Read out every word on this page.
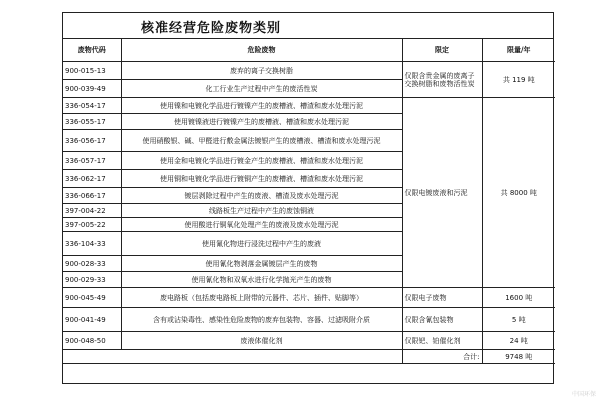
核准经营危险废物类别
废物代码	危险废物	限定	限量/年
900-015-13	废弃的离子交换树脂	仅限含贵金属的废离子交换树脂和废物活性炭	共 119 吨
900-039-49	化工行业生产过程中产生的废活性炭		
336-054-17	使用镍和电镀化学品进行镀镍产生的废槽液、槽渣和废水处理污泥	仅限电镀废液和污泥	共 8000 吨
336-055-17	使用镀镍液进行镀镍产生的废槽液、槽渣和废水处理污泥		
336-056-17	使用硝酸银、碱、甲醛进行敷金属法镀银产生的废槽液、槽渣和废水处理污泥		
336-057-17	使用金和电镀化学品进行镀金产生的废槽液、槽渣和废水处理污泥		
336-062-17	使用铜和电镀化学品进行镀铜产生的废槽液、槽渣和废水处理污泥		
336-066-17	镀层剥除过程中产生的废液、槽渣及废水处理污泥		
397-004-22	线路板生产过程中产生的废蚀铜液		
397-005-22	使用酸进行铜氧化处理产生的废液及废水处理污泥		
336-104-33	使用氰化物进行浸洗过程中产生的废液		
900-028-33	使用氰化物剥落金属镀层产生的废物		
900-029-33	使用氰化物和双氧水进行化学抛光产生的废物		
900-045-49	废电路板（包括废电路板上附带的元器件、芯片、插件、贴脚等）	仅限电子废物	1600 吨
900-041-49	含有或沾染毒性、感染性危险废物的废弃包装物、容器、过滤吸附介质	仅限含氰包装物	5 吨
900-048-50	废液体催化剂	仅限钯、铂催化剂	24 吨
		合计:	9748 吨
中国环保
